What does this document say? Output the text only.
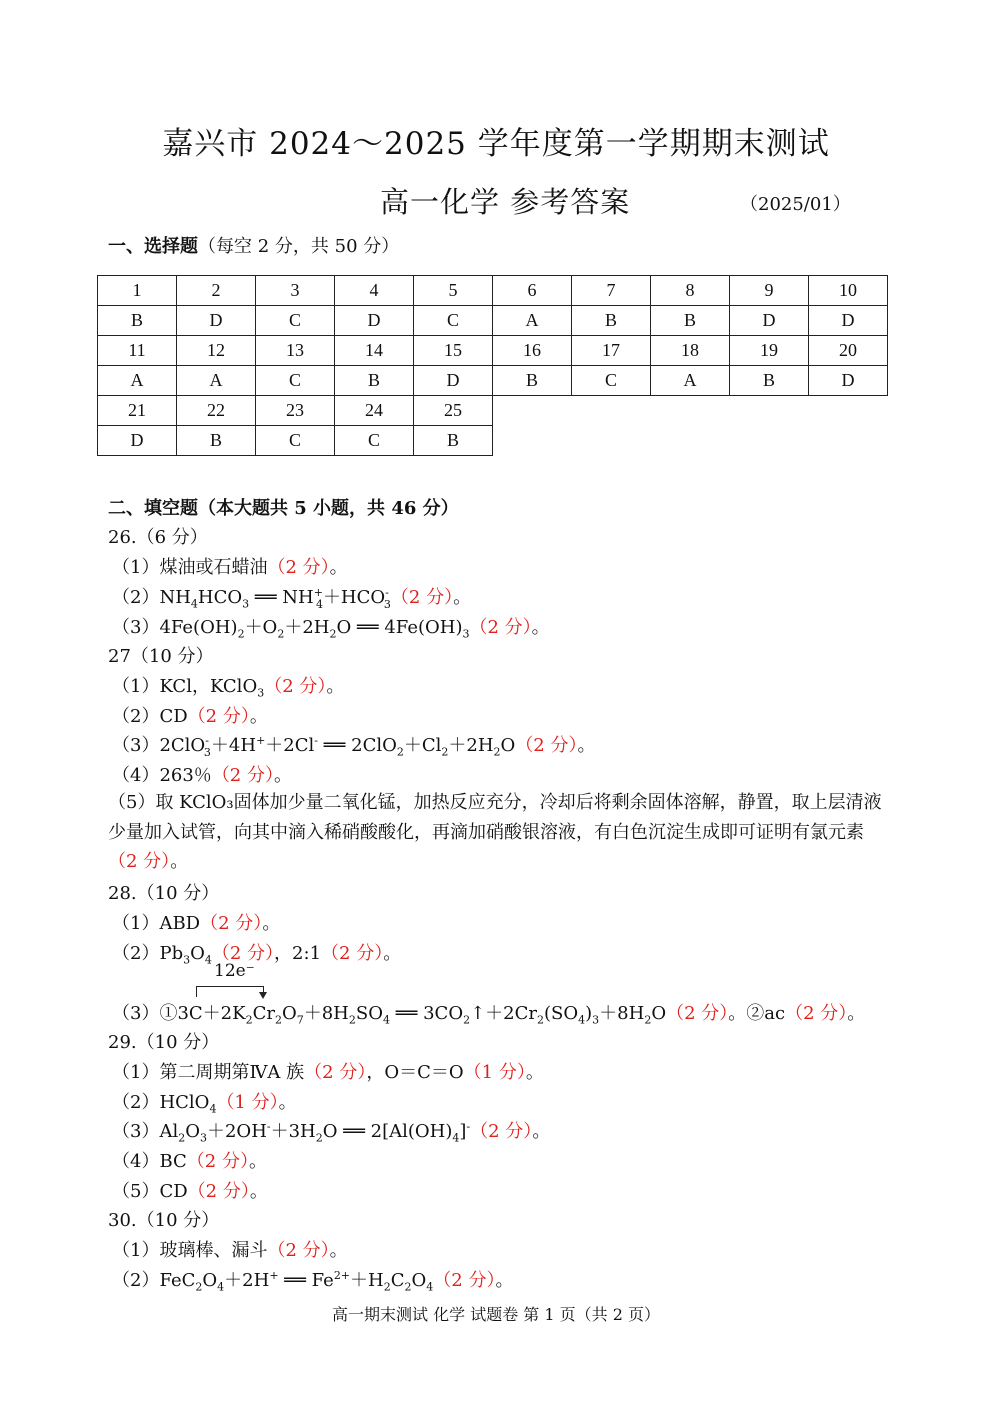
嘉兴市 2024～2025 学年度第一学期期末测试
高一化学 参考答案	（2025/01）
一、选择题（每空 2 分，共 50 分）
1	2	3	4	5	6	7	8	9	10
B	D	C	D	C	A	B	B	D	D
11	12	13	14	15	16	17	18	19	20
A	A	C	B	D	B	C	A	B	D
21	22	23	24	25					
D	B	C	C	B					
二、填空题（本大题共 5 小题，共 46 分）
26.（6 分）
（1）煤油或石蜡油（2 分）。
$(2)NH_4HCO_3$ ══ $NH^+_4+HCO^-_3(2$ 分）。
$(3)4Fe(OH)_2+O_2+2H_2O$ ══ $4Fe(OH)_3(2$ 分）。
27（10 分）
（1）KCl，KClO$_3$（2 分）。
（2）CD（2 分）。
（3）2ClO-$_3$＋4H+＋2Cl- ══ $2ClO_2+Cl_2+2H_2O(2$ 分）。
（4）263％（2 分）。
（5）取 KClO₃固体加少量二氧化锰，加热反应充分，冷却后将剩余固体溶解，静置，取上层清液少量加入试管，向其中滴入稀硝酸酸化，再滴加硝酸银溶液，有白色沉淀生成即可证明有氯元素（2 分）。
28.（10 分）
（1）ABD（2 分）。
$(2)Pb_3O_4(2$ 分），2:1（2 分）。
12e⁻
$(3)①3C+2K_2Cr_2O_7+8H_2SO_4$ ══ $3CO_2↑+2Cr_2(SO_4)_3+8H_2O(2$ 分）。②ac（2 分）。
29.（10 分）
（1）第二周期第ⅣA 族（2 分），O＝C＝O（1 分）。
（2）HClO$_4$（1 分）。
$(3)Al_2O_3+2OH^-+3H_2O$ ══ $2[Al(OH)_4]^-(2$ 分）。
（4）BC（2 分）。
（5）CD（2 分）。
30.（10 分）
（1）玻璃棒、漏斗（2 分）。
$(2)FeC_2O_4+2H^+$ ══ $Fe^{2+}+H_2C_2O_4(2$ 分）。
高一期末测试 化学 试题卷 第 1 页（共 2 页）
